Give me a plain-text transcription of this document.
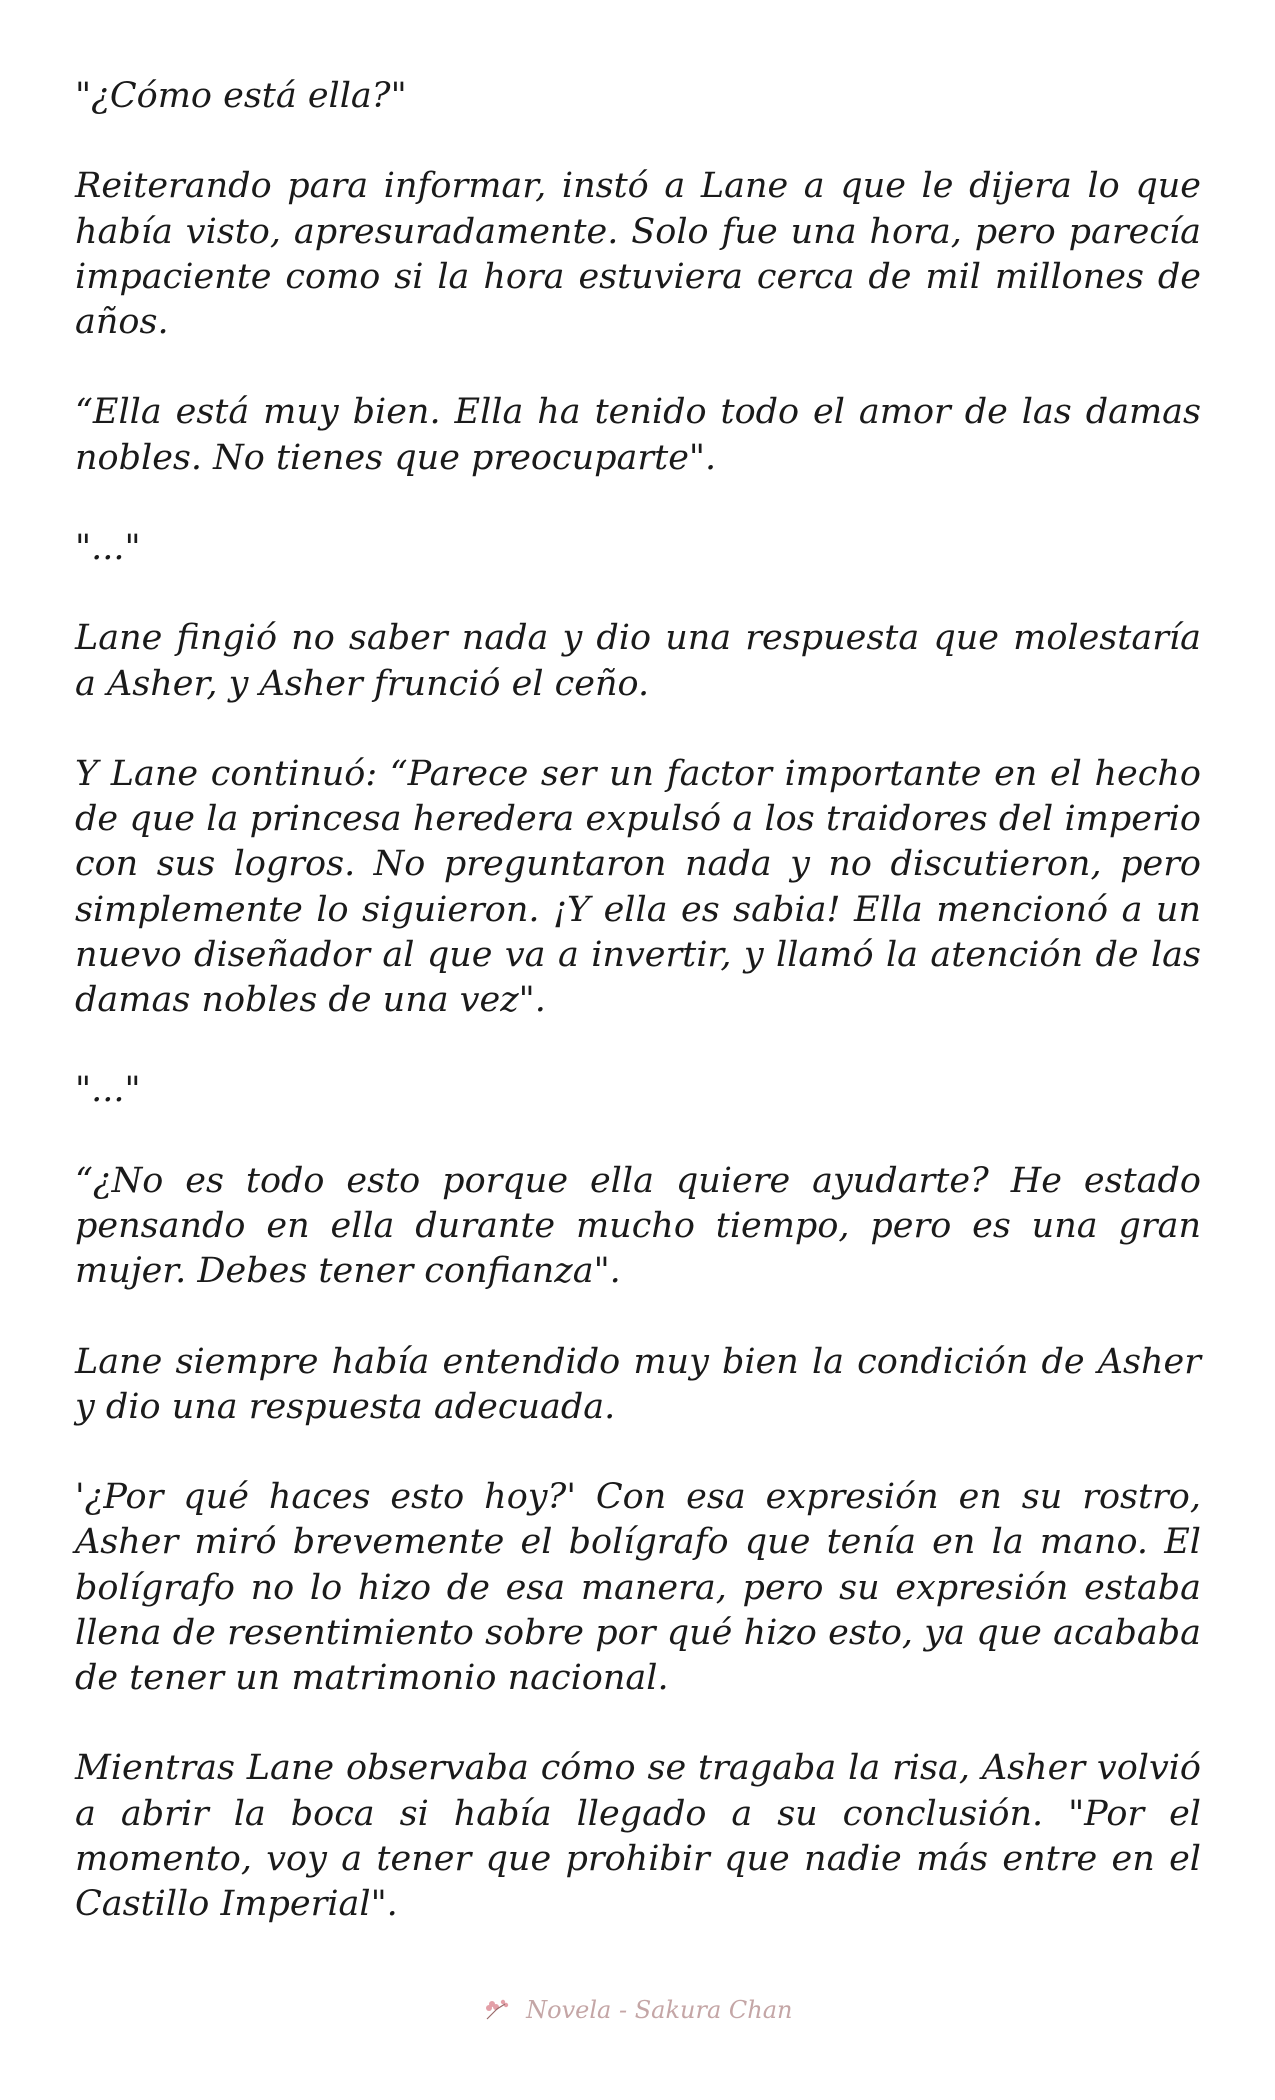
"¿Cómo está ella?"

Reiterando para informar, instó a Lane a que le dijera lo que había visto, apresuradamente. Solo fue una hora, pero parecía impaciente como si la hora estuviera cerca de mil millones de años.

“Ella está muy bien. Ella ha tenido todo el amor de las damas nobles. No tienes que preocuparte".

"..."

Lane fingió no saber nada y dio una respuesta que molestaría a Asher, y Asher frunció el ceño.

Y Lane continuó: “Parece ser un factor importante en el hecho de que la princesa heredera expulsó a los traidores del imperio con sus logros. No preguntaron nada y no discutieron, pero simplemente lo siguieron. ¡Y ella es sabia! Ella mencionó a un nuevo diseñador al que va a invertir, y llamó la atención de las damas nobles de una vez".

"..."

“¿No es todo esto porque ella quiere ayudarte? He estado pensando en ella durante mucho tiempo, pero es una gran mujer. Debes tener confianza".

Lane siempre había entendido muy bien la condición de Asher y dio una respuesta adecuada.

'¿Por qué haces esto hoy?' Con esa expresión en su rostro, Asher miró brevemente el bolígrafo que tenía en la mano. El bolígrafo no lo hizo de esa manera, pero su expresión estaba llena de resentimiento sobre por qué hizo esto, ya que acababa de tener un matrimonio nacional.

Mientras Lane observaba cómo se tragaba la risa, Asher volvió a abrir la boca si había llegado a su conclusión. "Por el momento, voy a tener que prohibir que nadie más entre en el Castillo Imperial".

Novela - Sakura Chan
